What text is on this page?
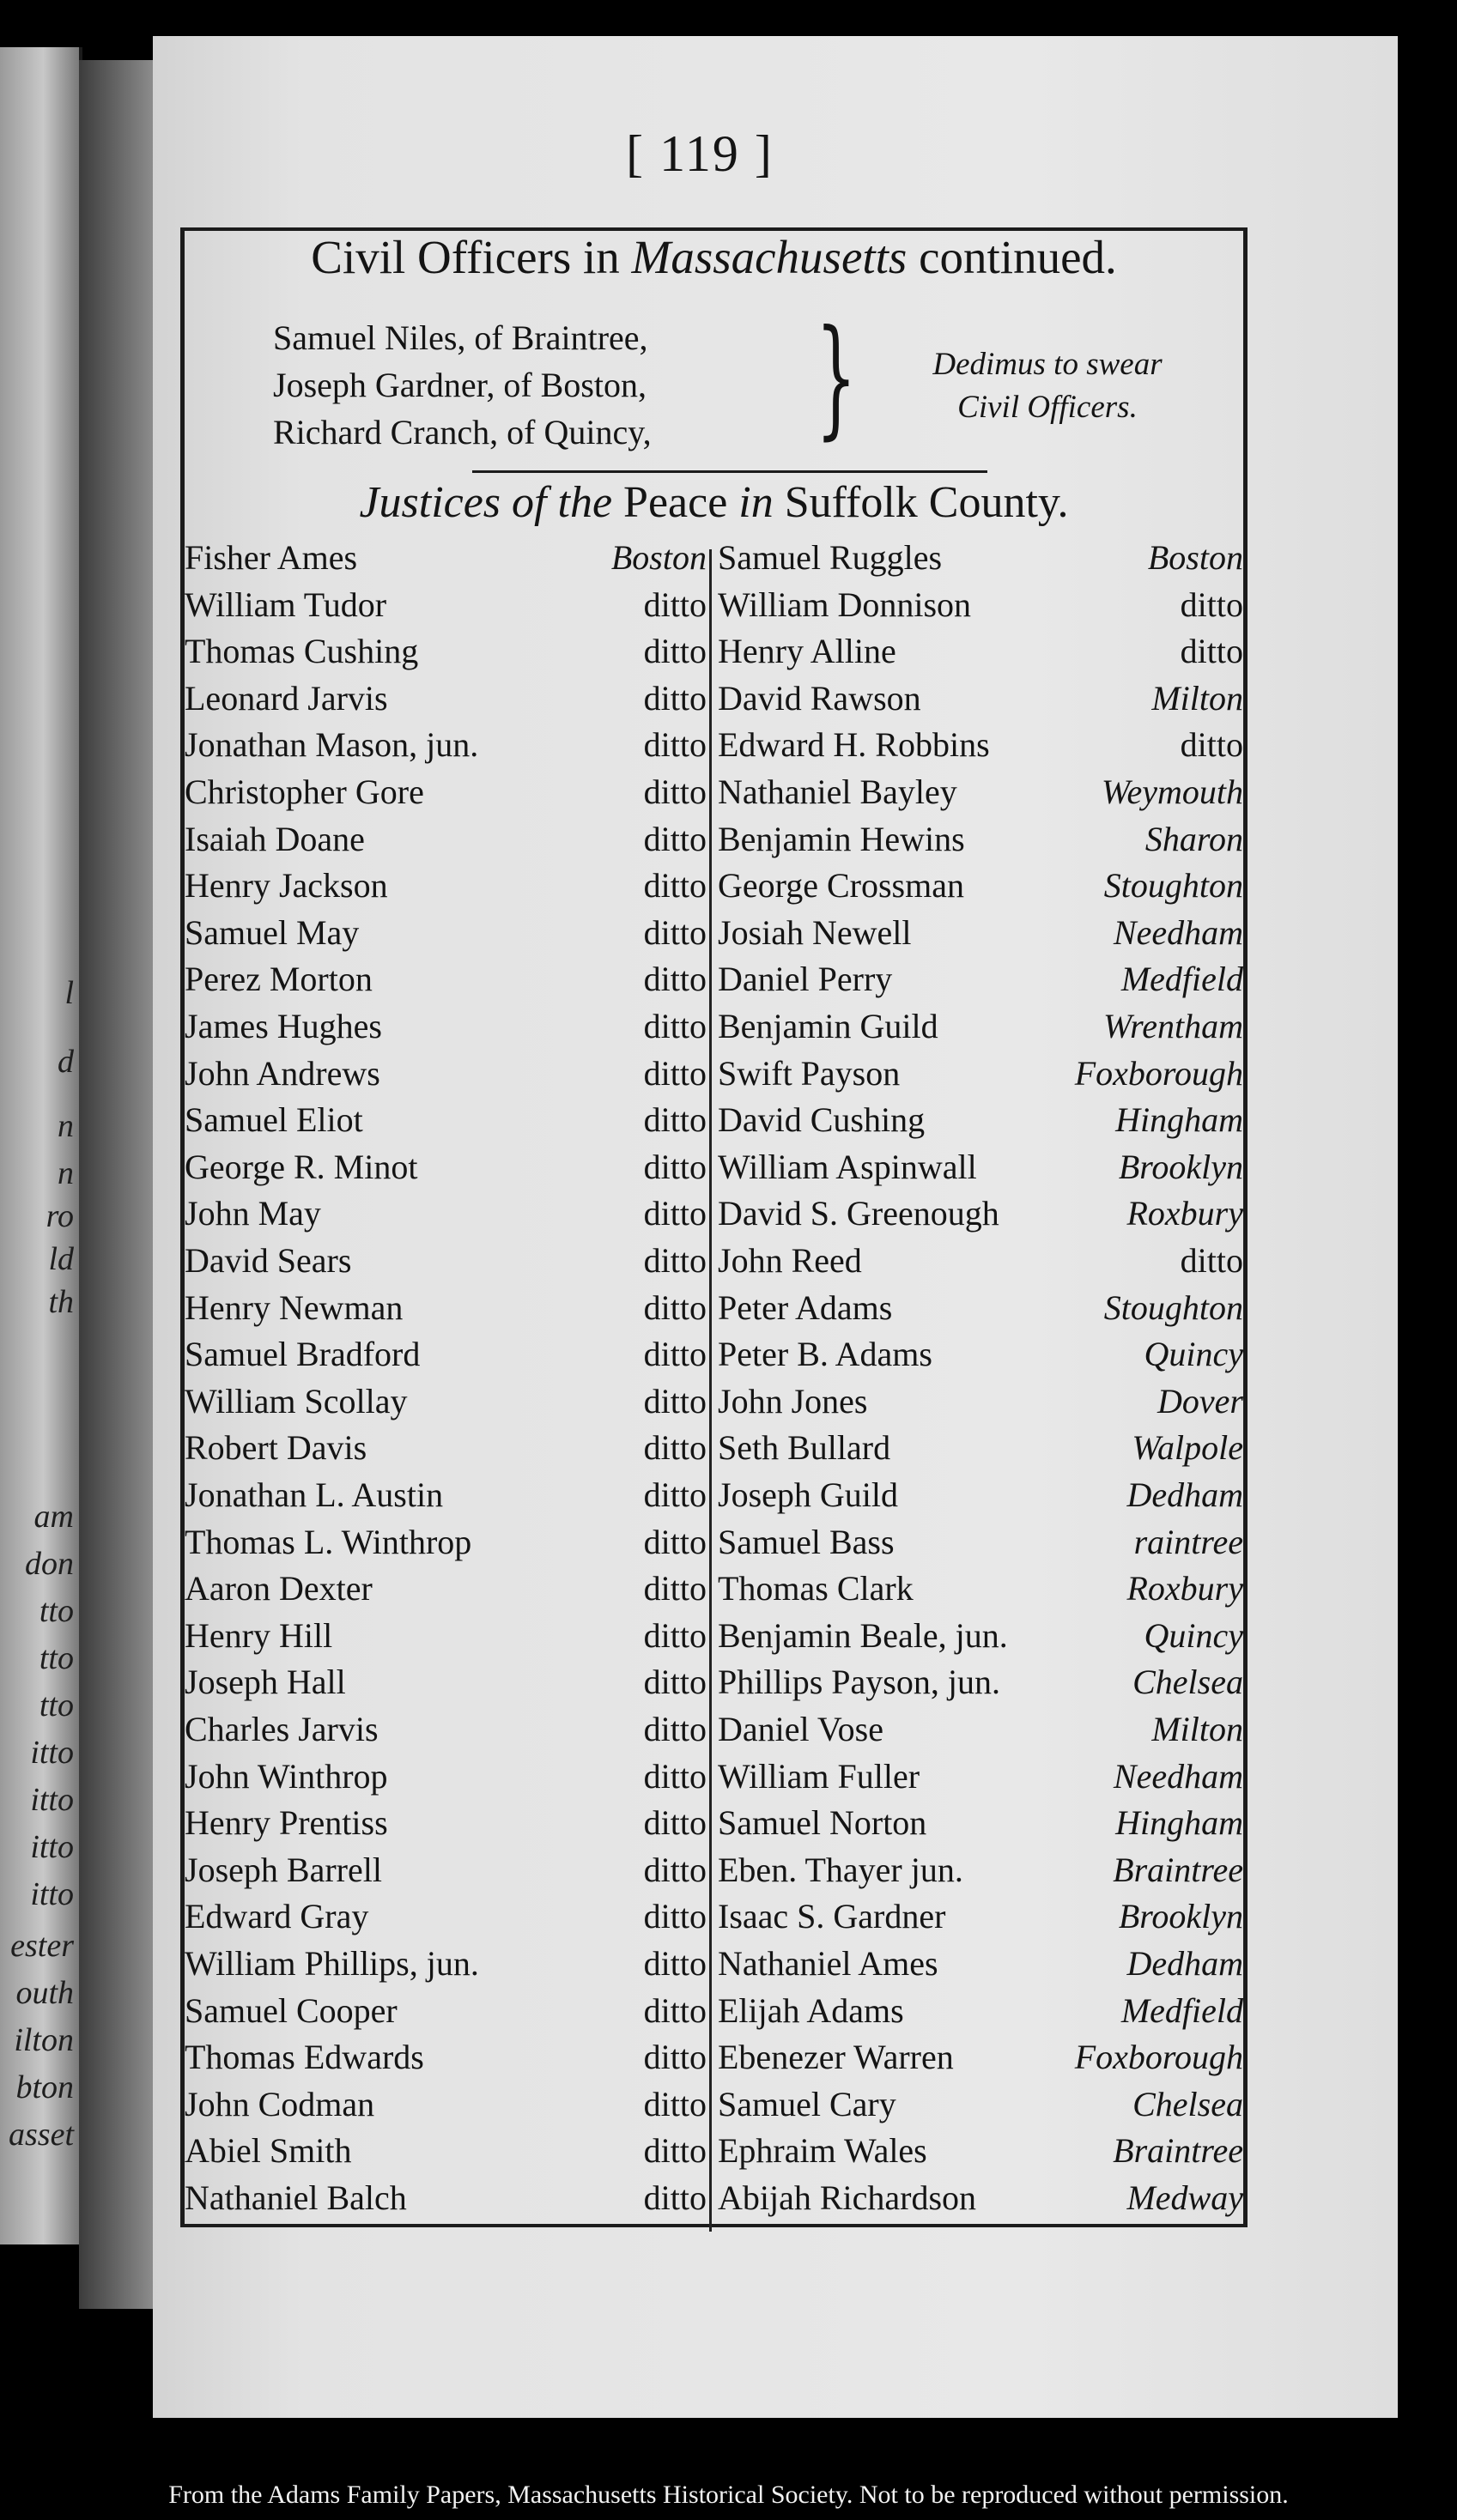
l
d
n
n
ro
ld
th
am
don
tto
tto
tto
itto
itto
itto
itto
ester
outh
ilton
bton
asset
[ 119 ]
Civil Officers in Massachusetts continued.
Samuel Niles, of Braintree,
Joseph Gardner, of Boston,
Richard Cranch, of Quincy,	}	Dedimus to swear
Civil Officers.
Justices of the Peace in Suffolk County.
Fisher Ames	Boston
William Tudor	ditto
Thomas Cushing	ditto
Leonard Jarvis	ditto
Jonathan Mason, jun.	ditto
Christopher Gore	ditto
Isaiah Doane	ditto
Henry Jackson	ditto
Samuel May	ditto
Perez Morton	ditto
James Hughes	ditto
John Andrews	ditto
Samuel Eliot	ditto
George R. Minot	ditto
John May	ditto
David Sears	ditto
Henry Newman	ditto
Samuel Bradford	ditto
William Scollay	ditto
Robert Davis	ditto
Jonathan L. Austin	ditto
Thomas L. Winthrop	ditto
Aaron Dexter	ditto
Henry Hill	ditto
Joseph Hall	ditto
Charles Jarvis	ditto
John Winthrop	ditto
Henry Prentiss	ditto
Joseph Barrell	ditto
Edward Gray	ditto
William Phillips, jun.	ditto
Samuel Cooper	ditto
Thomas Edwards	ditto
John Codman	ditto
Abiel Smith	ditto
Nathaniel Balch	ditto
Samuel Ruggles	Boston
William Donnison	ditto
Henry Alline	ditto
David Rawson	Milton
Edward H. Robbins	ditto
Nathaniel Bayley	Weymouth
Benjamin Hewins	Sharon
George Crossman	Stoughton
Josiah Newell	Needham
Daniel Perry	Medfield
Benjamin Guild	Wrentham
Swift Payson	Foxborough
David Cushing	Hingham
William Aspinwall	Brooklyn
David S. Greenough	Roxbury
John Reed	ditto
Peter Adams	Stoughton
Peter B. Adams	Quincy
John Jones	Dover
Seth Bullard	Walpole
Joseph Guild	Dedham
Samuel Bass	raintree
Thomas Clark	Roxbury
Benjamin Beale, jun.	Quincy
Phillips Payson, jun.	Chelsea
Daniel Vose	Milton
William Fuller	Needham
Samuel Norton	Hingham
Eben. Thayer jun.	Braintree
Isaac S. Gardner	Brooklyn
Nathaniel Ames	Dedham
Elijah Adams	Medfield
Ebenezer Warren	Foxborough
Samuel Cary	Chelsea
Ephraim Wales	Braintree
Abijah Richardson	Medway
From the Adams Family Papers, Massachusetts Historical Society. Not to be reproduced without permission.
